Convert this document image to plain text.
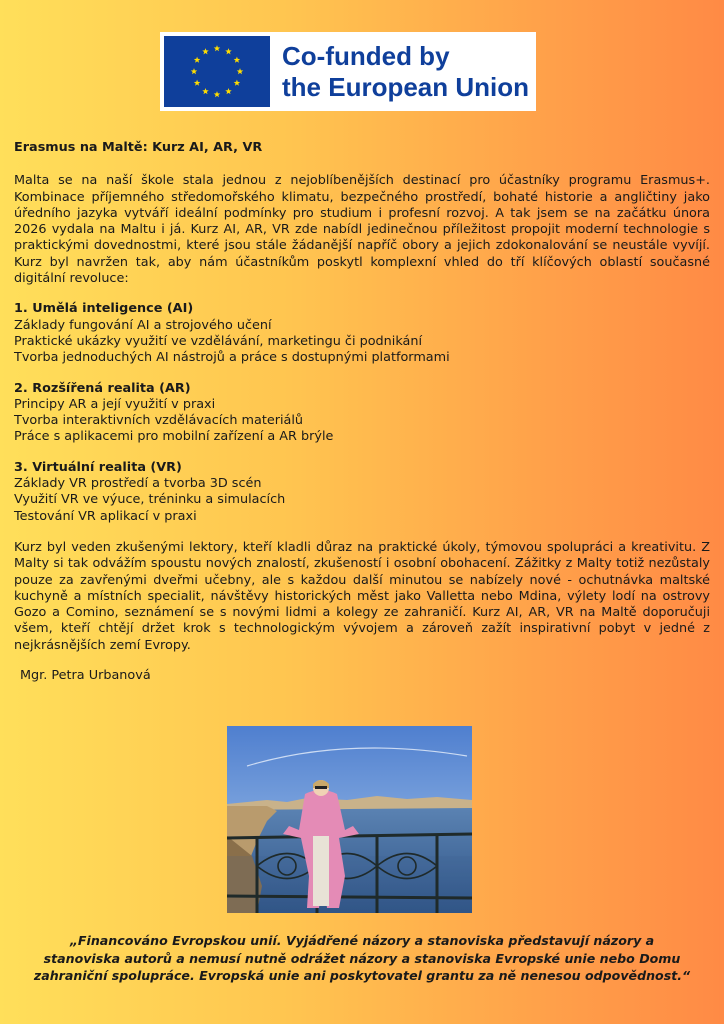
Co-funded by
the European Union
Erasmus na Maltě: Kurz AI, AR, VR

Malta se na naší škole stala jednou z nejoblíbenějších destinací pro účastníky programu Erasmus+. Kombinace příjemného středomořského klimatu, bezpečného prostředí, bohaté historie a angličtiny jako úředního jazyka vytváří ideální podmínky pro studium i profesní rozvoj. A tak jsem se na začátku února 2026 vydala na Maltu i já. Kurz AI, AR, VR zde nabídl jedinečnou příležitost propojit moderní technologie s praktickými dovednostmi, které jsou stále žádanější napříč obory a jejich zdokonalování se neustále vyvíjí. Kurz byl navržen tak, aby nám účastníkům poskytl komplexní vhled do tří klíčových oblastí současné digitální revoluce:

1. Umělá inteligence (AI)
Základy fungování AI a strojového učení
Praktické ukázky využití ve vzdělávání, marketingu či podnikání
Tvorba jednoduchých AI nástrojů a práce s dostupnými platformami
2. Rozšířená realita (AR)
Principy AR a její využití v praxi
Tvorba interaktivních vzdělávacích materiálů
Práce s aplikacemi pro mobilní zařízení a AR brýle
3. Virtuální realita (VR)
Základy VR prostředí a tvorba 3D scén
Využití VR ve výuce, tréninku a simulacích
Testování VR aplikací v praxi

Kurz byl veden zkušenými lektory, kteří kladli důraz na praktické úkoly, týmovou spolupráci a kreativitu. Z Malty si tak odvážím spoustu nových znalostí, zkušeností i osobní obohacení. Zážitky z Malty totiž nezůstaly pouze za zavřenými dveřmi učebny, ale s každou další minutou se nabízely nové - ochutnávka maltské kuchyně a místních specialit, návštěvy historických měst jako Valletta nebo Mdina, výlety lodí na ostrovy Gozo a Comino, seznámení se s novými lidmi a kolegy ze zahraničí. Kurz AI, AR, VR na Maltě doporučuji všem, kteří chtějí držet krok s technologickým vývojem a zároveň zažít inspirativní pobyt v jedné z nejkrásnějších zemí Evropy.

Mgr. Petra Urbanová
„Financováno Evropskou unií. Vyjádřené názory a stanoviska představují názory a stanoviska autorů a nemusí nutně odrážet názory a stanoviska Evropské unie nebo Domu zahraniční spolupráce. Evropská unie ani poskytovatel grantu za ně nenesou odpovědnost.“
